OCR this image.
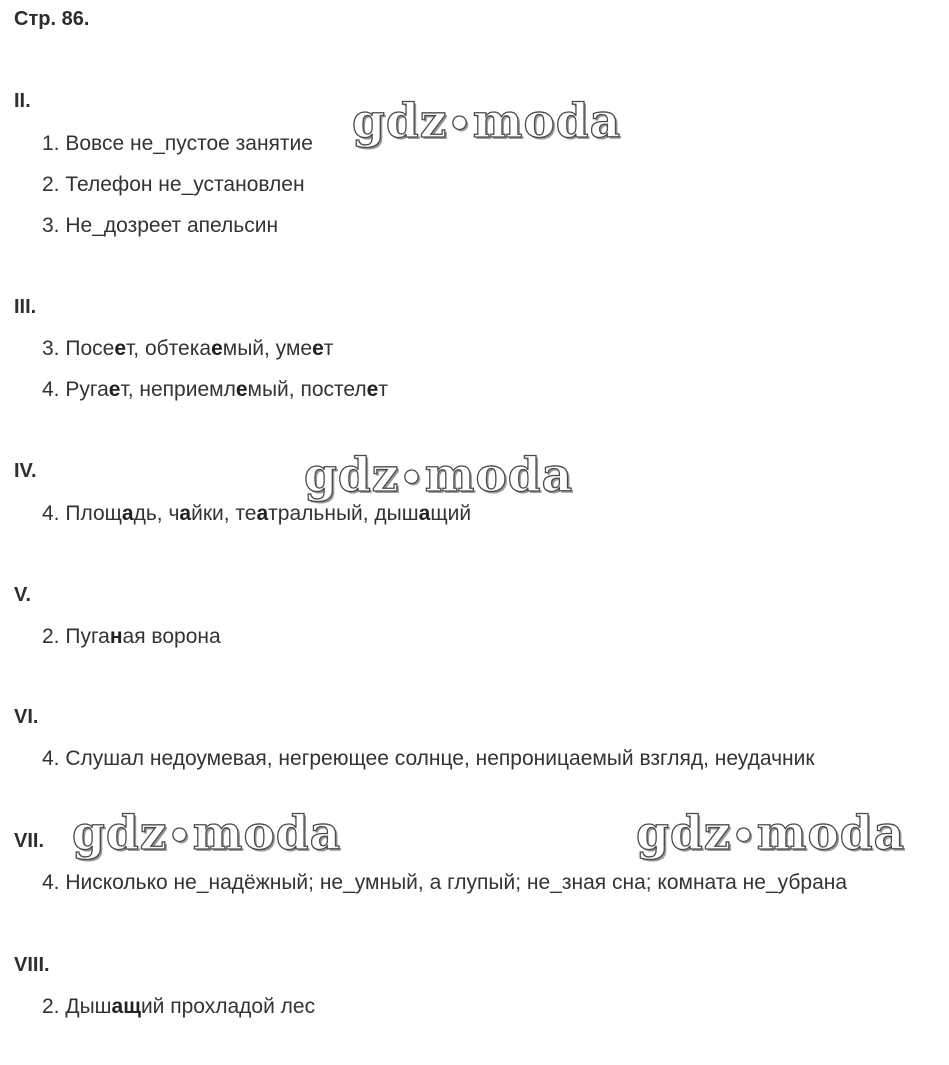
Стр. 86.
II.
1. Вовсе не_пустое занятие
2. Телефон не_установлен
3. Не_дозреет апельсин
III.
3. Посеет, обтекаемый, умеет
4. Ругает, неприемлемый, постелет
IV.
4. Площадь, чайки, театральный, дышащий
V.
2. Пуганая ворона
VI.
4. Слушал недоумевая, негреющее солнце, непроницаемый взгляд, неудачник
VII.
4. Нисколько не_надёжный; не_умный, а глупый; не_зная сна; комната не_убрана
VIII.
2. Дышащий прохладой лес
gdz•moda
gdz•moda
gdz•moda	gdz•moda
